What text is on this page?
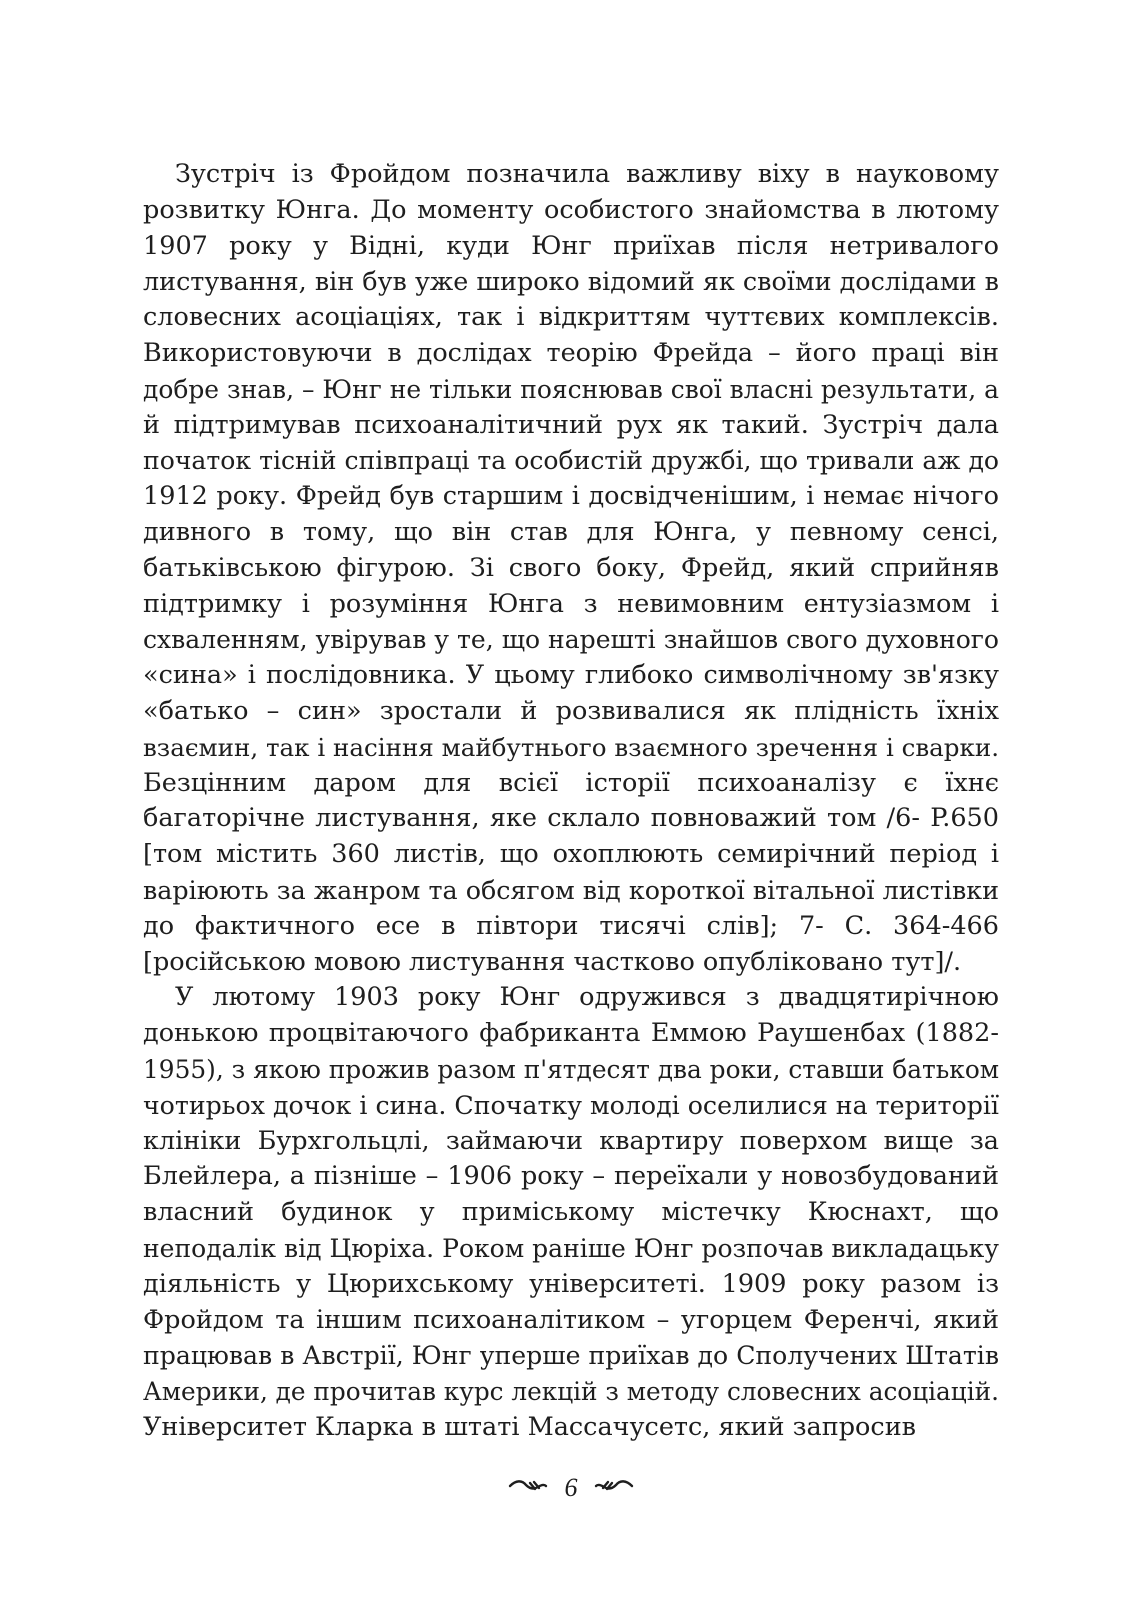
Зустріч із Фройдом позначила важливу віху в науковому
розвитку Юнга. До моменту особистого знайомства в лютому
1907 року у Відні, куди Юнг приїхав після нетривалого
листування, він був уже широко відомий як своїми дослідами в
словесних асоціаціях, так і відкриттям чуттєвих комплексів.
Використовуючи в дослідах теорію Фрейда – його праці він
добре знав, – Юнг не тільки пояснював свої власні результати, а
й підтримував психоаналітичний рух як такий. Зустріч дала
початок тісній співпраці та особистій дружбі, що тривали аж до
1912 року. Фрейд був старшим і досвідченішим, і немає нічого
дивного в тому, що він став для Юнга, у певному сенсі,
батьківською фігурою. Зі свого боку, Фрейд, який сприйняв
підтримку і розуміння Юнга з невимовним ентузіазмом і
схваленням, увірував у те, що нарешті знайшов свого духовного
«сина» і послідовника. У цьому глибоко символічному зв'язку
«батько – син» зростали й розвивалися як плідність їхніх
взаємин, так і насіння майбутнього взаємного зречення і сварки.
Безцінним даром для всієї історії психоаналізу є їхнє
багаторічне листування, яке склало повноважий том /6- P.650
[том містить 360 листів, що охоплюють семирічний період і
варіюють за жанром та обсягом від короткої вітальної листівки
до фактичного есе в півтори тисячі слів]; 7- С. 364-466
[російською мовою листування частково опубліковано тут]/.
У лютому 1903 року Юнг одружився з двадцятирічною
донькою процвітаючого фабриканта Еммою Раушенбах (1882-
1955), з якою прожив разом п'ятдесят два роки, ставши батьком
чотирьох дочок і сина. Спочатку молоді оселилися на території
клініки Бурхгольцлі, займаючи квартиру поверхом вище за
Блейлера, а пізніше – 1906 року – переїхали у новозбудований
власний будинок у приміському містечку Кюснахт, що
неподалік від Цюріха. Роком раніше Юнг розпочав викладацьку
діяльність у Цюрихському університеті. 1909 року разом із
Фройдом та іншим психоаналітиком – угорцем Ференчі, який
працював в Австрії, Юнг уперше приїхав до Сполучених Штатів
Америки, де прочитав курс лекцій з методу словесних асоціацій.
Університет Кларка в штаті Массачусетс, який запросив
6
